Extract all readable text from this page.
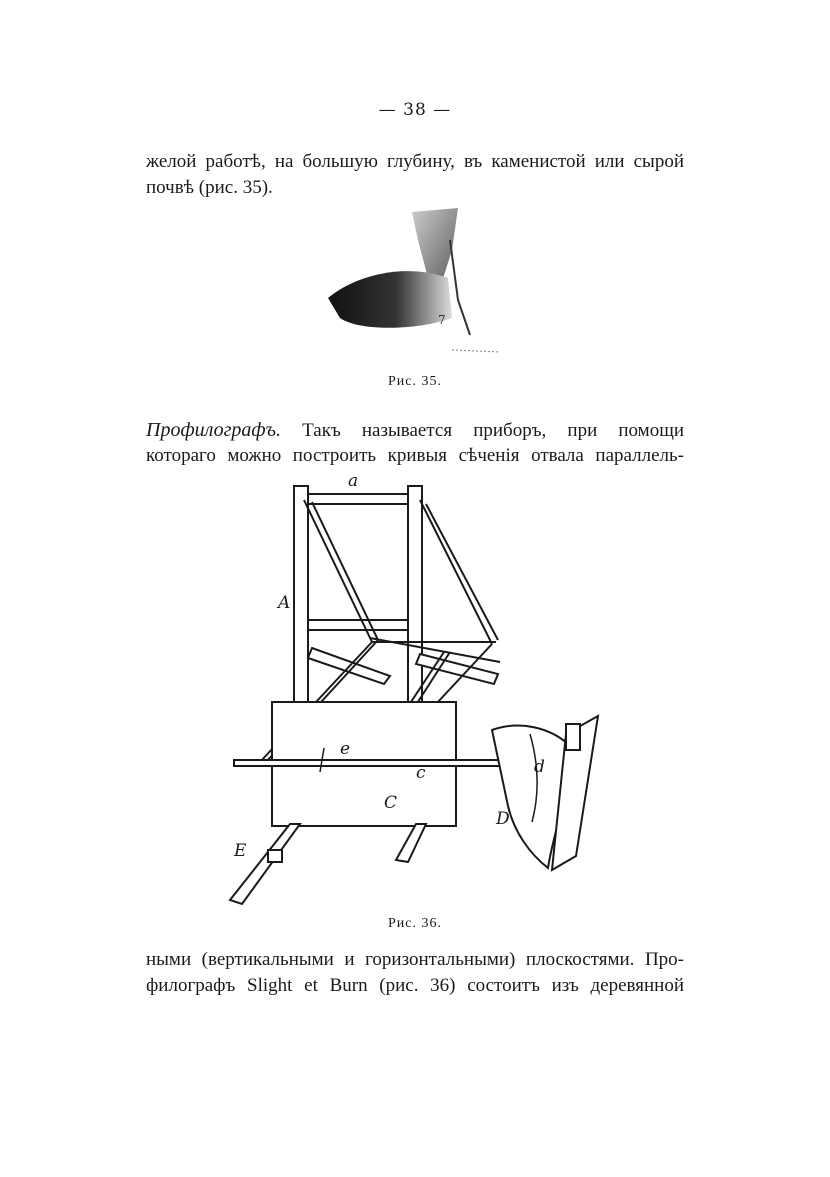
— 38 —
желой работѣ, на большую глубину, въ каменистой или сырой
почвѣ (рис. 35).
7
Рис. 35.
Профилографъ. Такъ называется приборъ, при помощи
котораго можно построить кривыя сѣченія отвала параллель-
a
A
e
c
C
d
D
E
Рис. 36.
ными (вертикальными и горизонтальными) плоскостями. Про-
филографъ Slight et Burn (рис. 36) состоитъ изъ деревянной
